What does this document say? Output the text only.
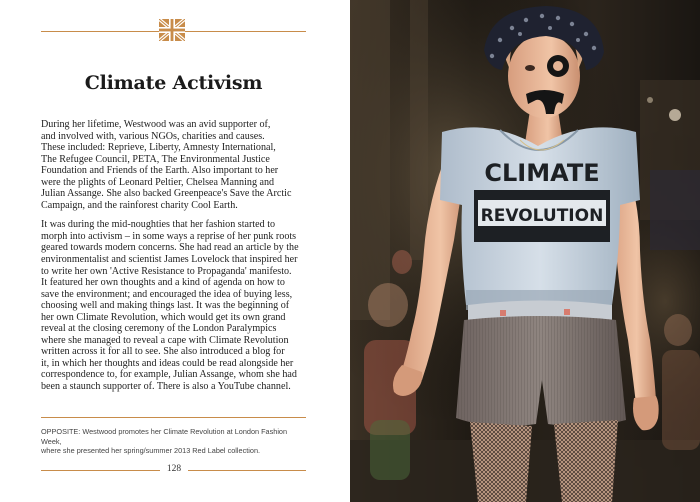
Climate Activism

During her lifetime, Westwood was an avid supporter of,
and involved with, various NGOs, charities and causes.
These included: Reprieve, Liberty, Amnesty International,
The Refugee Council, PETA, The Environmental Justice
Foundation and Friends of the Earth. Also important to her
were the plights of Leonard Peltier, Chelsea Manning and
Julian Assange. She also backed Greenpeace's Save the Arctic
Campaign, and the rainforest charity Cool Earth.

It was during the mid-noughties that her fashion started to
morph into activism – in some ways a reprise of her punk roots
geared towards modern concerns. She had read an article by the
environmentalist and scientist James Lovelock that inspired her
to write her own 'Active Resistance to Propaganda' manifesto.
It featured her own thoughts and a kind of agenda on how to
save the environment; and encouraged the idea of buying less,
choosing well and making things last. It was the beginning of
her own Climate Revolution, which would get its own grand
reveal at the closing ceremony of the London Paralympics
where she managed to reveal a cape with Climate Revolution
written across it for all to see. She also introduced a blog for
it, in which her thoughts and ideas could be read alongside her
correspondence to, for example, Julian Assange, whom she had
been a staunch supporter of. There is also a YouTube channel.

OPPOSITE: Westwood promotes her Climate Revolution at London Fashion Week,
where she presented her spring/summer 2013 Red Label collection.
128
CLIMATE
REVOLUTION
